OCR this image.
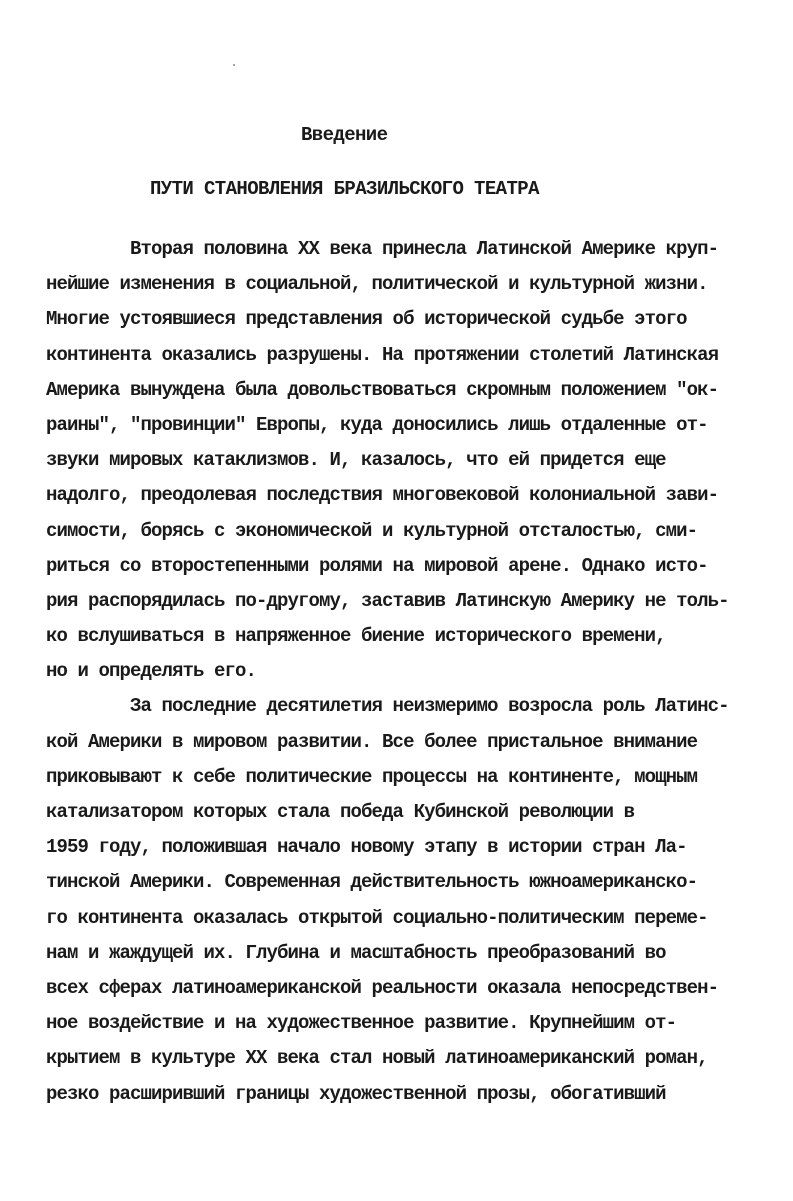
Введение
ПУТИ СТАНОВЛЕНИЯ БРАЗИЛЬСКОГО ТЕАТРА
Вторая половина XX века принесла Латинской Америке круп-
нейшие изменения в социальной, политической и культурной жизни.
Многие устоявшиеся представления об исторической судьбе этого
континента оказались разрушены. На протяжении столетий Латинская
Америка вынуждена была довольствоваться скромным положением "ок-
раины", "провинции" Европы, куда доносились лишь отдаленные от-
звуки мировых катаклизмов. И, казалось, что ей придется еще
надолго, преодолевая последствия многовековой колониальной зави-
симости, борясь с экономической и культурной отсталостью, сми-
риться со второстепенными ролями на мировой арене. Однако исто-
рия распорядилась по-другому, заставив Латинскую Америку не толь-
ко вслушиваться в напряженное биение исторического времени,
но и определять его.
За последние десятилетия неизмеримо возросла роль Латинс-
кой Америки в мировом развитии. Все более пристальное внимание
приковывают к себе политические процессы на континенте, мощным
катализатором которых стала победа Кубинской революции в
1959 году, положившая начало новому этапу в истории стран Ла-
тинской Америки. Современная действительность южноамериканско-
го континента оказалась открытой социально-политическим переме-
нам и жаждущей их. Глубина и масштабность преобразований во
всех сферах латиноамериканской реальности оказала непосредствен-
ное воздействие и на художественное развитие. Крупнейшим от-
крытием в культуре XX века стал новый латиноамериканский роман,
резко расширивший границы художественной прозы, обогативший
